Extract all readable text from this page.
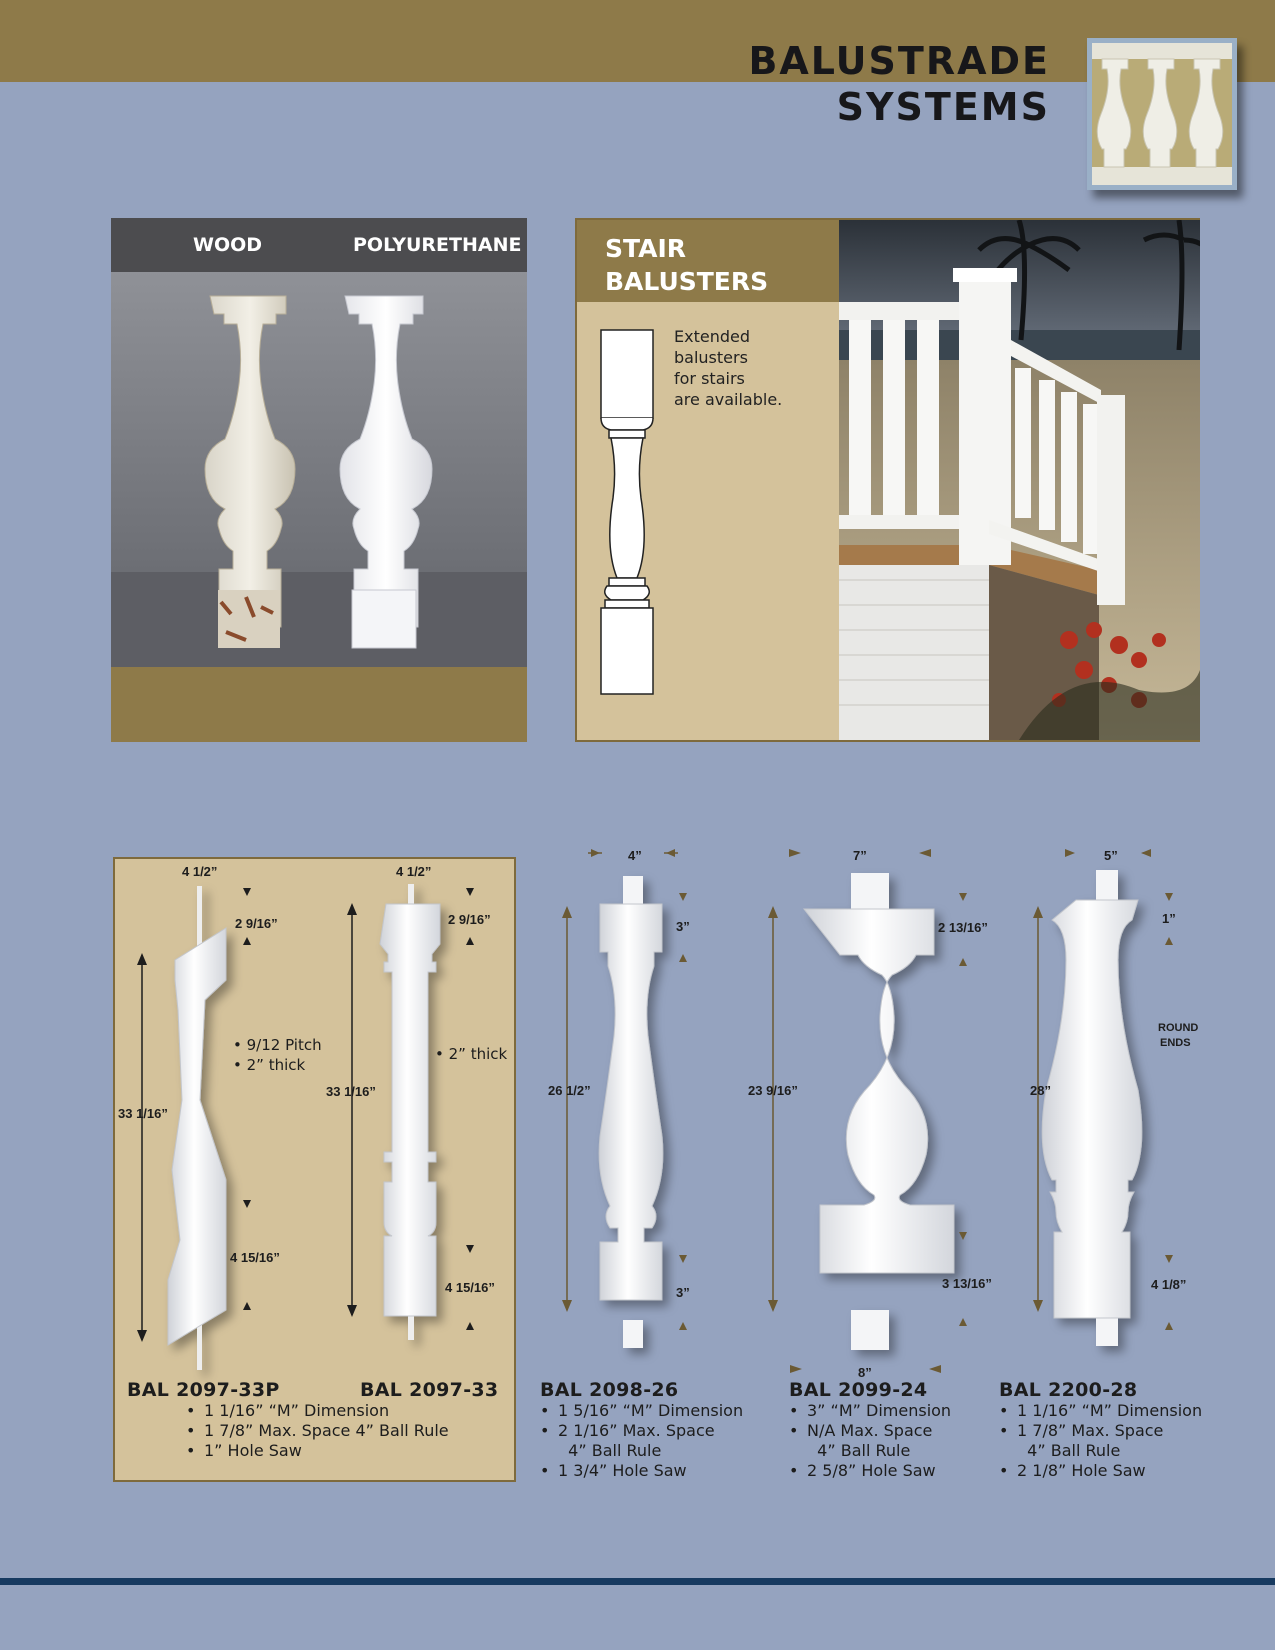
BALUSTRADE
SYSTEMS
WOOD	POLYURETHANE	STAIR
BALUSTERS
Extended
balusters
for stairs
are available.
4 1/2”
2 9/16”
33 1/16”
4 15/16”
• 9/12 Pitch
• 2” thick
4 1/2”
2 9/16”
33 1/16”
4 15/16”
• 2” thick
4”
3”
26 1/2”
3”
7”
2 13/16”
23 9/16”
3 13/16”
8”
5”
1”
28”
4 1/8”
ROUND
ENDS
BAL 2097-33P	BAL 2097-33
• 1 1/16” “M” Dimension
• 1 7/8” Max. Space 4” Ball Rule
• 1” Hole Saw
BAL 2098-26
• 1 5/16” “M” Dimension
• 2 1/16” Max. Space
4” Ball Rule
• 1 3/4” Hole Saw
BAL 2099-24
• 3” “M” Dimension
• N/A Max. Space
4” Ball Rule
• 2 5/8” Hole Saw
BAL 2200-28
• 1 1/16” “M” Dimension
• 1 7/8” Max. Space
4” Ball Rule
• 2 1/8” Hole Saw
